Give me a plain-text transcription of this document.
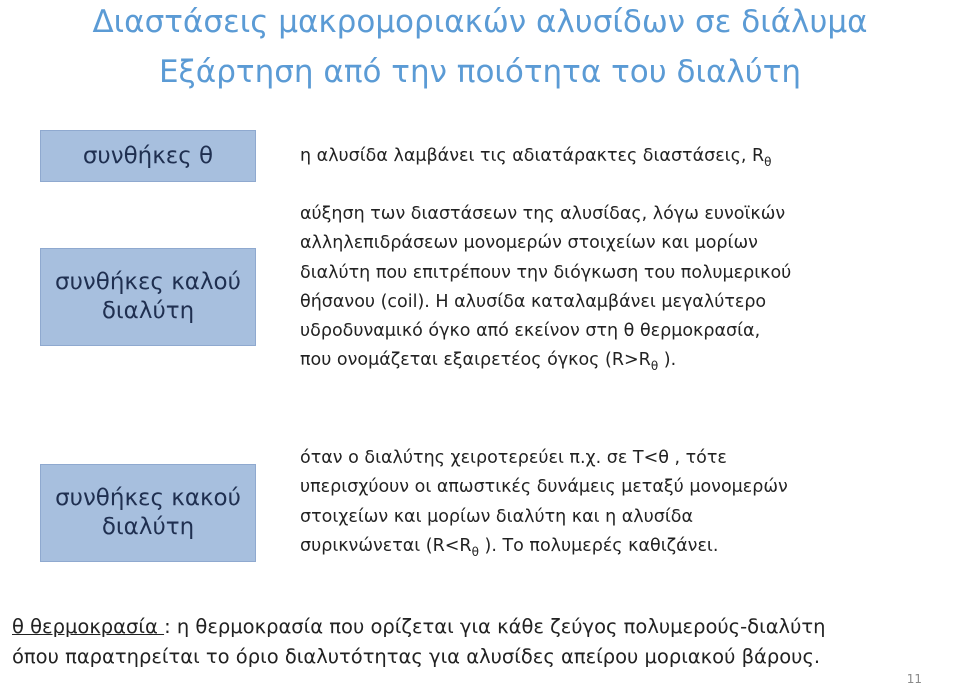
Διαστάσεις μακρομοριακών αλυσίδων σε διάλυμα
Εξάρτηση από την ποιότητα του διαλύτη
συνθήκες θ
συνθήκες καλού διαλύτη
συνθήκες κακού διαλύτη
η αλυσίδα λαμβάνει τις αδιατάρακτες διαστάσεις, $R_\theta$
αύξηση των διαστάσεων της αλυσίδας, λόγω ευνοϊκών
αλληλεπιδράσεων μονομερών στοιχείων και μορίων
διαλύτη που επιτρέπουν την διόγκωση του πολυμερικού
θήσανου (coil). Η αλυσίδα καταλαμβάνει μεγαλύτερο
υδροδυναμικό όγκο από εκείνον στη θ θερμοκρασία,
που ονομάζεται εξαιρετέος όγκος ($R>R_\theta$ ).
όταν ο διαλύτης χειροτερεύει π.χ. σε T<θ , τότε
υπερισχύουν οι απωστικές δυνάμεις μεταξύ μονομερών
στοιχείων και μορίων διαλύτη και η αλυσίδα
συρικνώνεται ($R<R_\theta$ ). Το πολυμερές καθιζάνει.
θ θερμοκρασία : η θερμοκρασία που ορίζεται για κάθε ζεύγος πολυμερούς-διαλύτη
όπου παρατηρείται το όριο διαλυτότητας για αλυσίδες απείρου μοριακού βάρους.
11
